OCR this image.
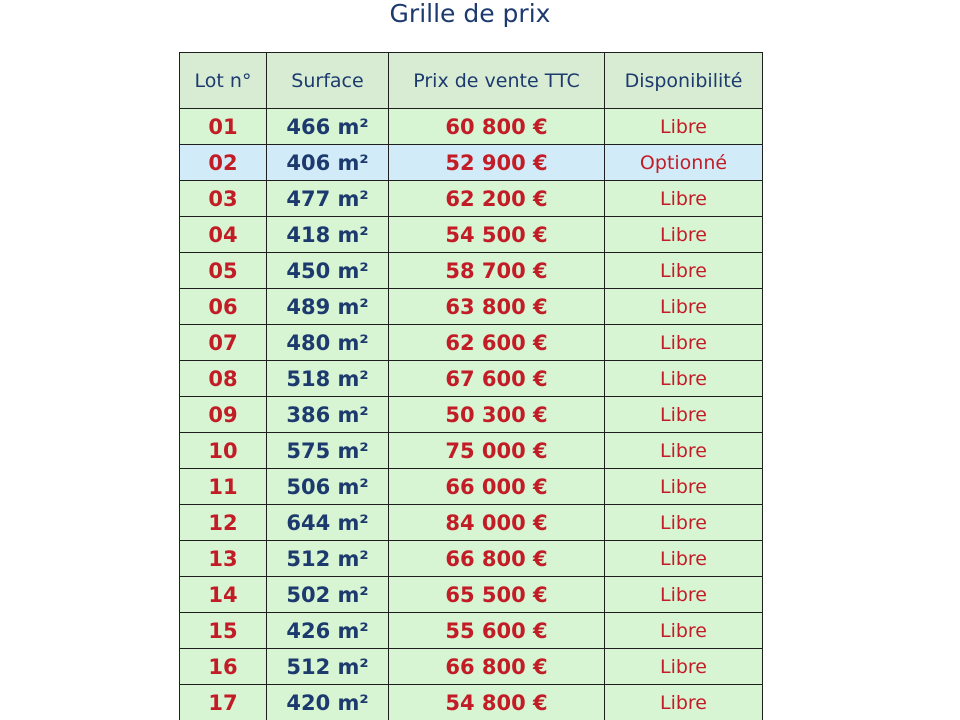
Grille de prix
Lot n°	Surface	Prix de vente TTC	Disponibilité
01	466 m²	60 800 €	Libre
02	406 m²	52 900 €	Optionné
03	477 m²	62 200 €	Libre
04	418 m²	54 500 €	Libre
05	450 m²	58 700 €	Libre
06	489 m²	63 800 €	Libre
07	480 m²	62 600 €	Libre
08	518 m²	67 600 €	Libre
09	386 m²	50 300 €	Libre
10	575 m²	75 000 €	Libre
11	506 m²	66 000 €	Libre
12	644 m²	84 000 €	Libre
13	512 m²	66 800 €	Libre
14	502 m²	65 500 €	Libre
15	426 m²	55 600 €	Libre
16	512 m²	66 800 €	Libre
17	420 m²	54 800 €	Libre
